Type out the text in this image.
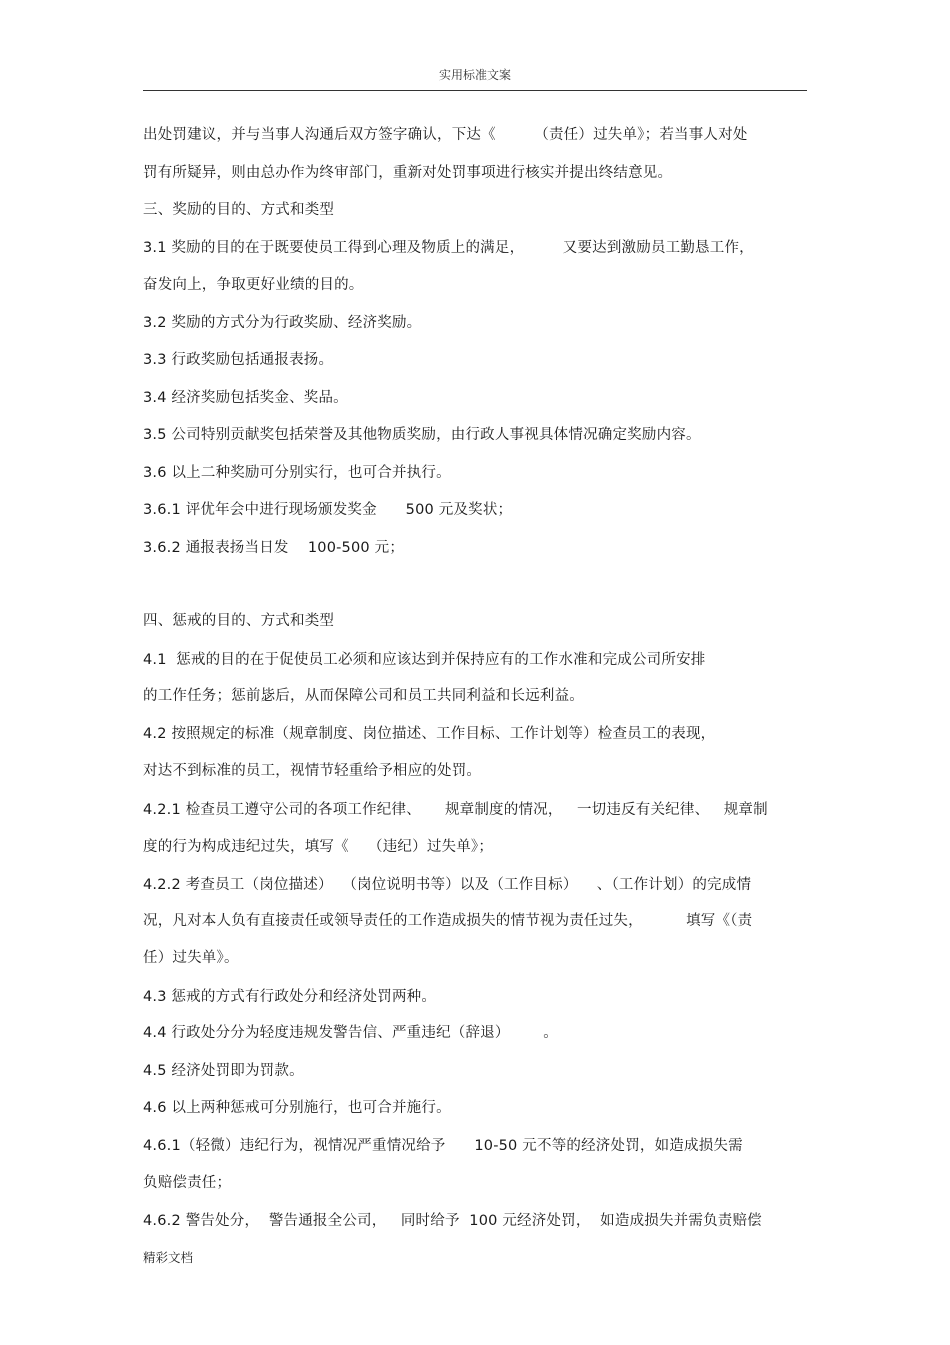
实用标准文案
出处罚建议，并与当事人沟通后双方签字确认，下达《        （责任）过失单》；若当事人对处
罚有所疑异，则由总办作为终审部门，重新对处罚事项进行核实并提出终结意见。
三、奖励的目的、方式和类型
3.1 奖励的目的在于既要使员工得到心理及物质上的满足，        又要达到激励员工勤恳工作，
奋发向上，争取更好业绩的目的。
3.2 奖励的方式分为行政奖励、经济奖励。
3.3 行政奖励包括通报表扬。
3.4 经济奖励包括奖金、奖品。
3.5 公司特别贡献奖包括荣誉及其他物质奖励，由行政人事视具体情况确定奖励内容。
3.6 以上二种奖励可分别实行，也可合并执行。
3.6.1 评优年会中进行现场颁发奖金      500 元及奖状；
3.6.2 通报表扬当日发    100-500 元；
四、惩戒的目的、方式和类型
4.1  惩戒的目的在于促使员工必须和应该达到并保持应有的工作水准和完成公司所安排
的工作任务；惩前毖后，从而保障公司和员工共同利益和长远利益。
4.2 按照规定的标准（规章制度、岗位描述、工作目标、工作计划等）检查员工的表现，
对达不到标准的员工，视情节轻重给予相应的处罚。
4.2.1 检查员工遵守公司的各项工作纪律、     规章制度的情况，   一切违反有关纪律、   规章制
度的行为构成违纪过失，填写《    （违纪）过失单》；
4.2.2 考查员工（岗位描述）  （岗位说明书等）以及（工作目标）    、（工作计划）的完成情
况，凡对本人负有直接责任或领导责任的工作造成损失的情节视为责任过失，         填写《（责
任）过失单》。
4.3 惩戒的方式有行政处分和经济处罚两种。
4.4 行政处分分为轻度违规发警告信、严重违纪（辞退）       。
4.5 经济处罚即为罚款。
4.6 以上两种惩戒可分别施行，也可合并施行。
4.6.1（轻微）违纪行为，视情况严重情况给予      10-50 元不等的经济处罚，如造成损失需
负赔偿责任；
4.6.2 警告处分，  警告通报全公司，   同时给予  100 元经济处罚，  如造成损失并需负责赔偿
精彩文档
